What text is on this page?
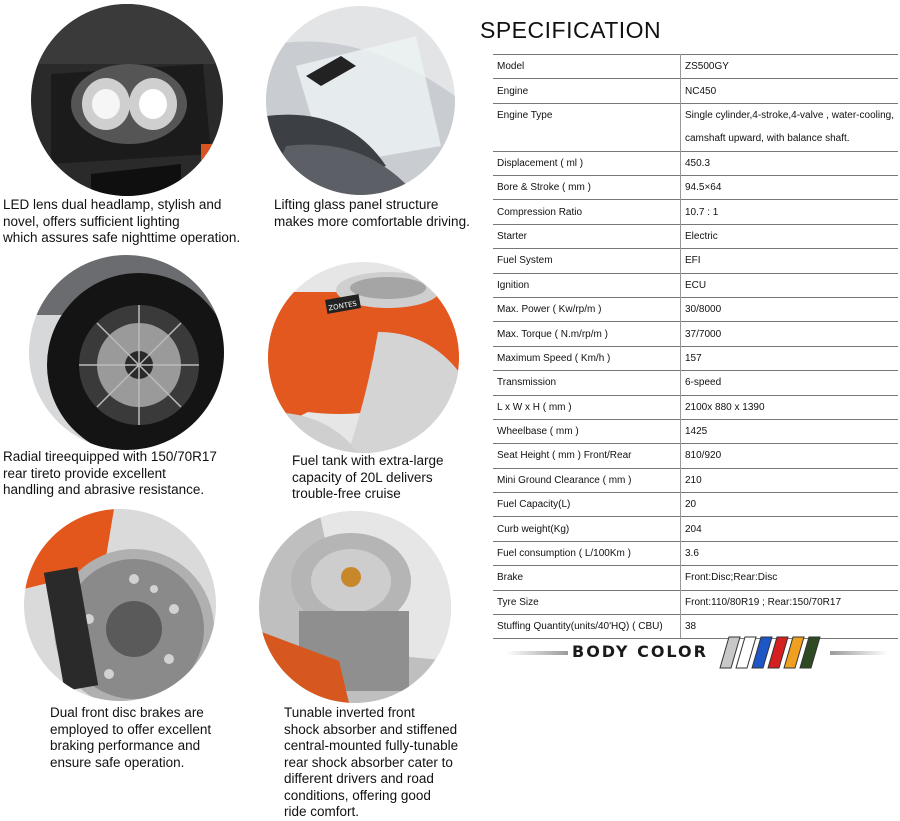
ZONTES
LED lens dual headlamp, stylish and
novel, offers sufficient lighting
which assures safe nighttime operation.
Lifting glass panel structure
makes more comfortable driving.
Radial tireequipped with 150/70R17
rear tireto provide excellent
handling and abrasive resistance.
Fuel tank with extra-large
capacity of 20L delivers
trouble-free cruise
Dual front disc brakes are
employed to offer excellent
braking performance and
ensure safe operation.
Tunable inverted front
shock absorber and stiffened
central-mounted fully-tunable
rear shock absorber cater to
different drivers and road
conditions, offering good
ride comfort.
SPECIFICATION
Model	ZS500GY
Engine	NC450
Engine Type	Single cylinder,4-stroke,4-valve , water-cooling,
camshaft upward, with balance shaft.

Displacement ( ml )	450.3
Bore & Stroke ( mm )	94.5×64
Compression Ratio	10.7 : 1
Starter	Electric
Fuel System	EFI
Ignition	ECU
Max. Power ( Kw/rp/m )	30/8000
Max. Torque ( N.m/rp/m )	37/7000
Maximum Speed ( Km/h )	157
Transmission	6-speed
L x W x H ( mm )	2100x 880 x 1390
Wheelbase ( mm )	1425
Seat Height ( mm ) Front/Rear	810/920
Mini Ground Clearance ( mm )	210
Fuel Capacity(L)	20
Curb weight(Kg)	204
Fuel consumption ( L/100Km )	3.6
Brake	Front:Disc;Rear:Disc
Tyre Size	Front:110/80R19 ; Rear:150/70R17
Stuffing Quantity(units/40'HQ) ( CBU)	38
BODY COLOR
